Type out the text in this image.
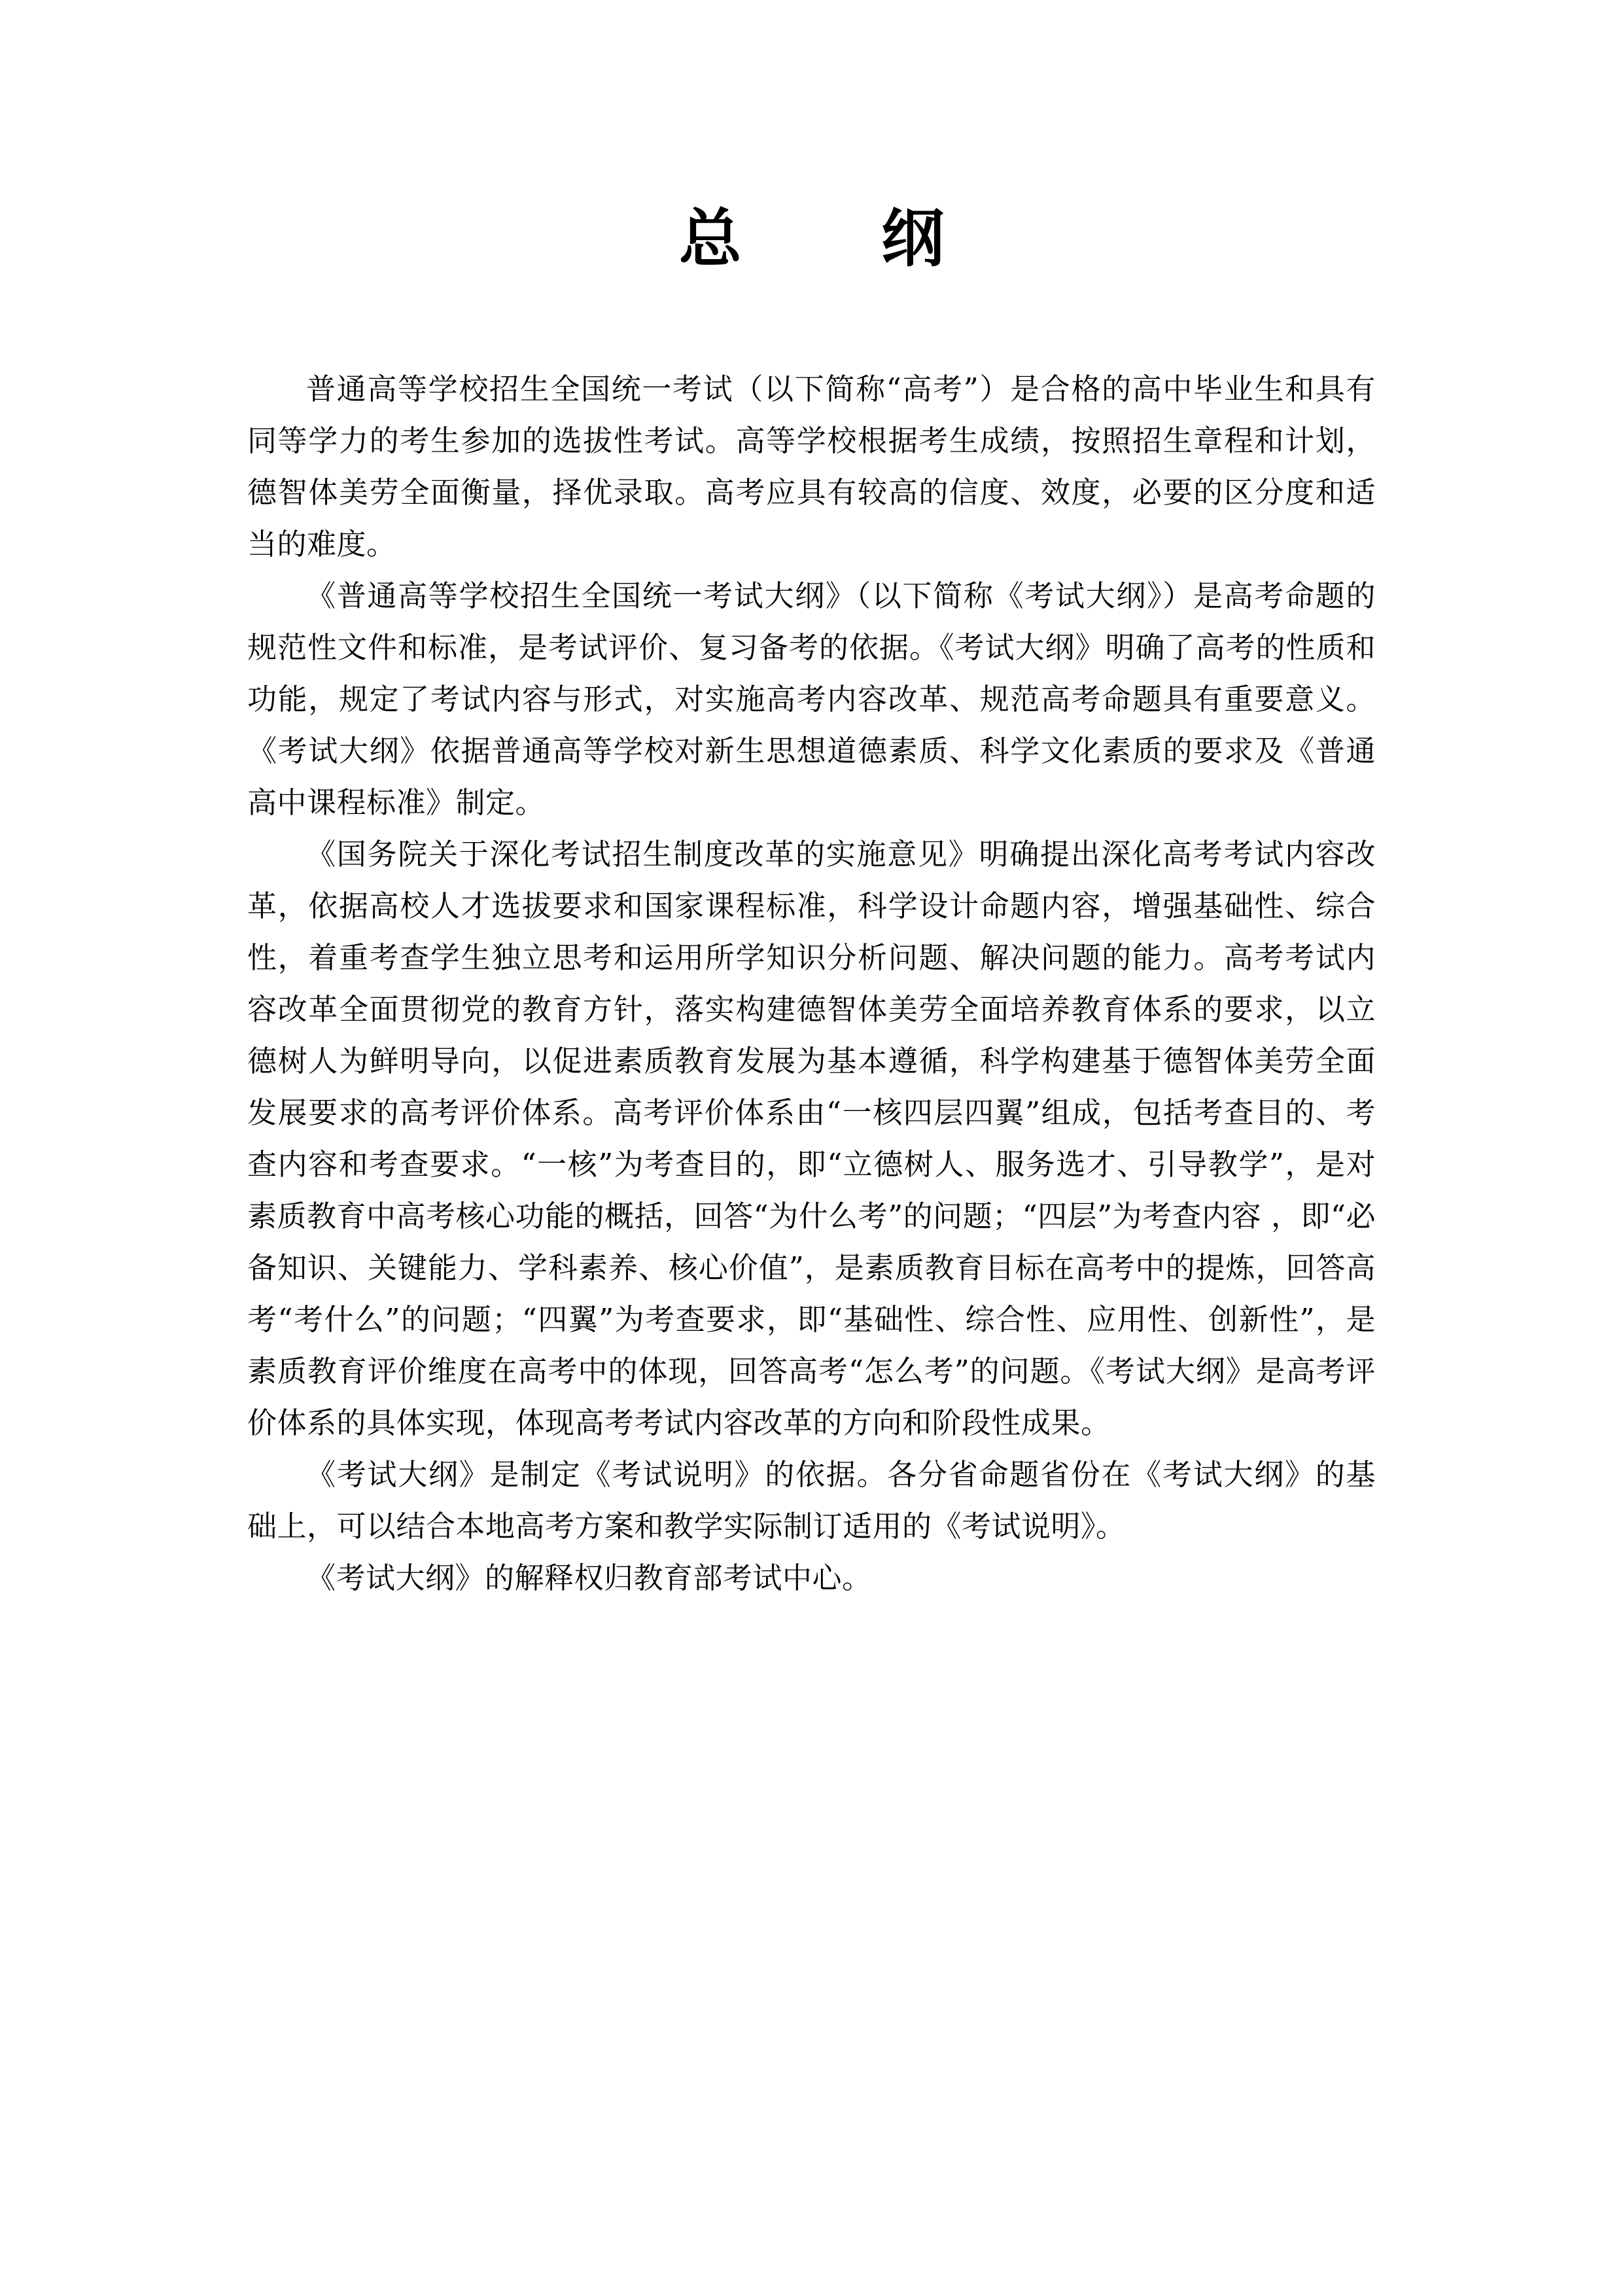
总 纲

普通高等学校招生全国统一考试（以下简称“高考”）是合格的高中毕业生和具有同等学力的考生参加的选拔性考试。高等学校根据考生成绩，按照招生章程和计划，德智体美劳全面衡量，择优录取。高考应具有较高的信度、效度，必要的区分度和适当的难度。

《普通高等学校招生全国统一考试大纲》（以下简称《考试大纲》）是高考命题的规范性文件和标准，是考试评价、复习备考的依据。《考试大纲》明确了高考的性质和功能，规定了考试内容与形式，对实施高考内容改革、规范高考命题具有重要意义。《考试大纲》依据普通高等学校对新生思想道德素质、科学文化素质的要求及《普通高中课程标准》制定。

《国务院关于深化考试招生制度改革的实施意见》明确提出深化高考考试内容改革，依据高校人才选拔要求和国家课程标准，科学设计命题内容，增强基础性、综合性，着重考查学生独立思考和运用所学知识分析问题、解决问题的能力。高考考试内容改革全面贯彻党的教育方针，落实构建德智体美劳全面培养教育体系的要求，以立德树人为鲜明导向，以促进素质教育发展为基本遵循，科学构建基于德智体美劳全面发展要求的高考评价体系。高考评价体系由“一核四层四翼”组成，包括考查目的、考查内容和考查要求。“一核”为考查目的，即“立德树人、服务选才、引导教学”，是对素质教育中高考核心功能的概括，回答“为什么考”的问题；“四层”为考查内容 ，即“必备知识、关键能力、学科素养、核心价值”，是素质教育目标在高考中的提炼，回答高考“考什么”的问题；“四翼”为考查要求，即“基础性、综合性、应用性、创新性”，是素质教育评价维度在高考中的体现，回答高考“怎么考”的问题。《考试大纲》是高考评价体系的具体实现，体现高考考试内容改革的方向和阶段性成果。

《考试大纲》是制定《考试说明》的依据。各分省命题省份在《考试大纲》的基础上，可以结合本地高考方案和教学实际制订适用的《考试说明》。

《考试大纲》的解释权归教育部考试中心。
